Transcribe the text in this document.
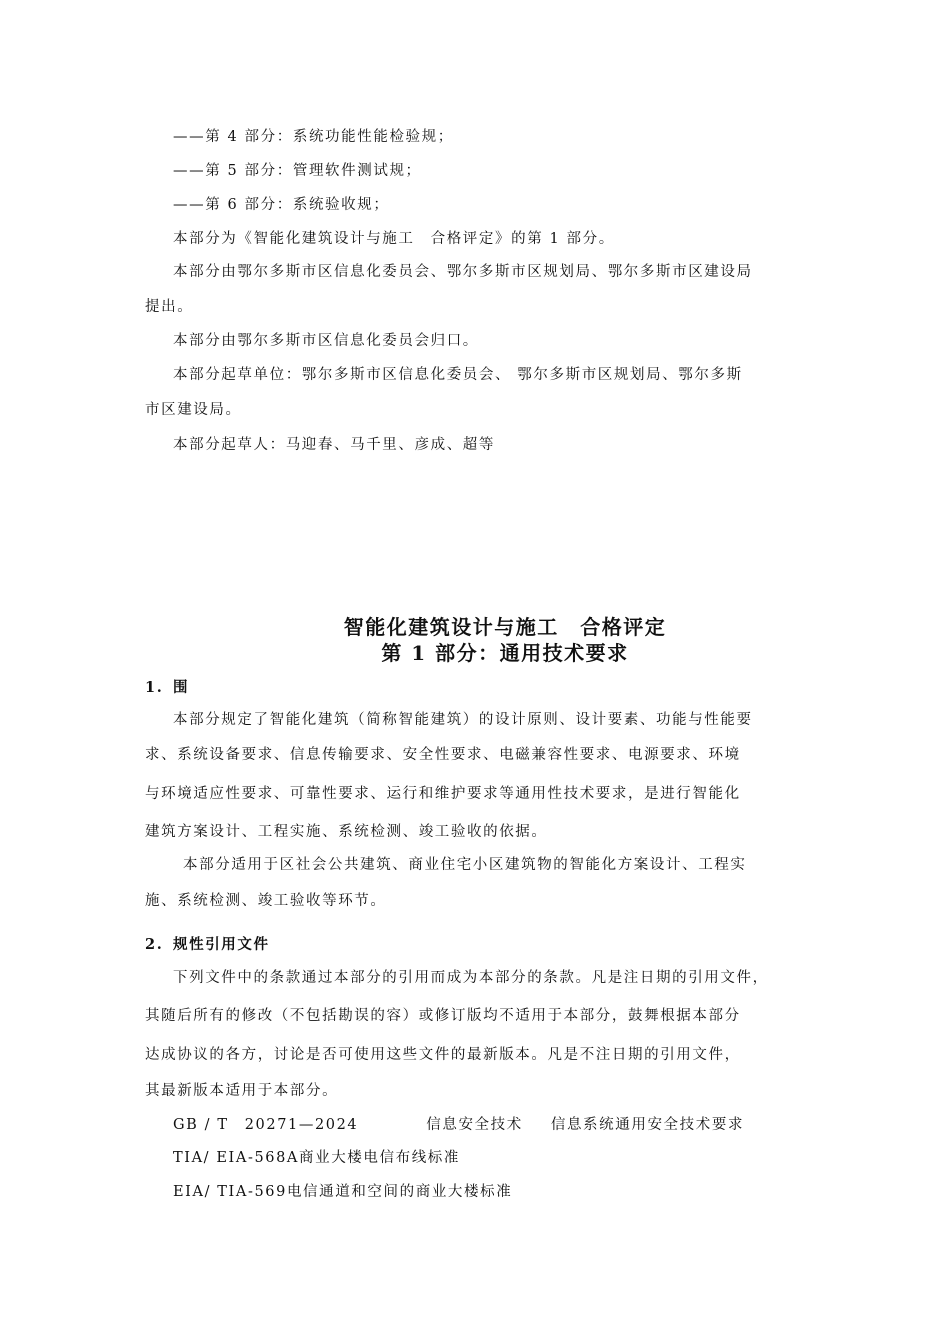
——第 4 部分：系统功能性能检验规；
——第 5 部分：管理软件测试规；
——第 6 部分：系统验收规；
本部分为《智能化建筑设计与施工　合格评定》的第 1 部分。
本部分由鄂尔多斯市区信息化委员会、鄂尔多斯市区规划局、鄂尔多斯市区建设局
提出。
本部分由鄂尔多斯市区信息化委员会归口。
本部分起草单位：鄂尔多斯市区信息化委员会、 鄂尔多斯市区规划局、鄂尔多斯
市区建设局。
本部分起草人：马迎春、马千里、彦成、超等
智能化建筑设计与施工　合格评定
第 1 部分：通用技术要求
1. 围
本部分规定了智能化建筑（简称智能建筑）的设计原则、设计要素、功能与性能要
求、系统设备要求、信息传输要求、安全性要求、电磁兼容性要求、电源要求、环境
与环境适应性要求、可靠性要求、运行和维护要求等通用性技术要求，是进行智能化
建筑方案设计、工程实施、系统检测、竣工验收的依据。
本部分适用于区社会公共建筑、商业住宅小区建筑物的智能化方案设计、工程实
施、系统检测、竣工验收等环节。
2. 规性引用文件
下列文件中的条款通过本部分的引用而成为本部分的条款。凡是注日期的引用文件，
其随后所有的修改（不包括勘误的容）或修订版均不适用于本部分，鼓舞根据本部分
达成协议的各方，讨论是否可使用这些文件的最新版本。凡是不注日期的引用文件，
其最新版本适用于本部分。
GB / T　20271—2024	信息安全技术 信息系统通用安全技术要求
TIA/ EIA-568A商业大楼电信布线标准
EIA/ TIA-569电信通道和空间的商业大楼标准
